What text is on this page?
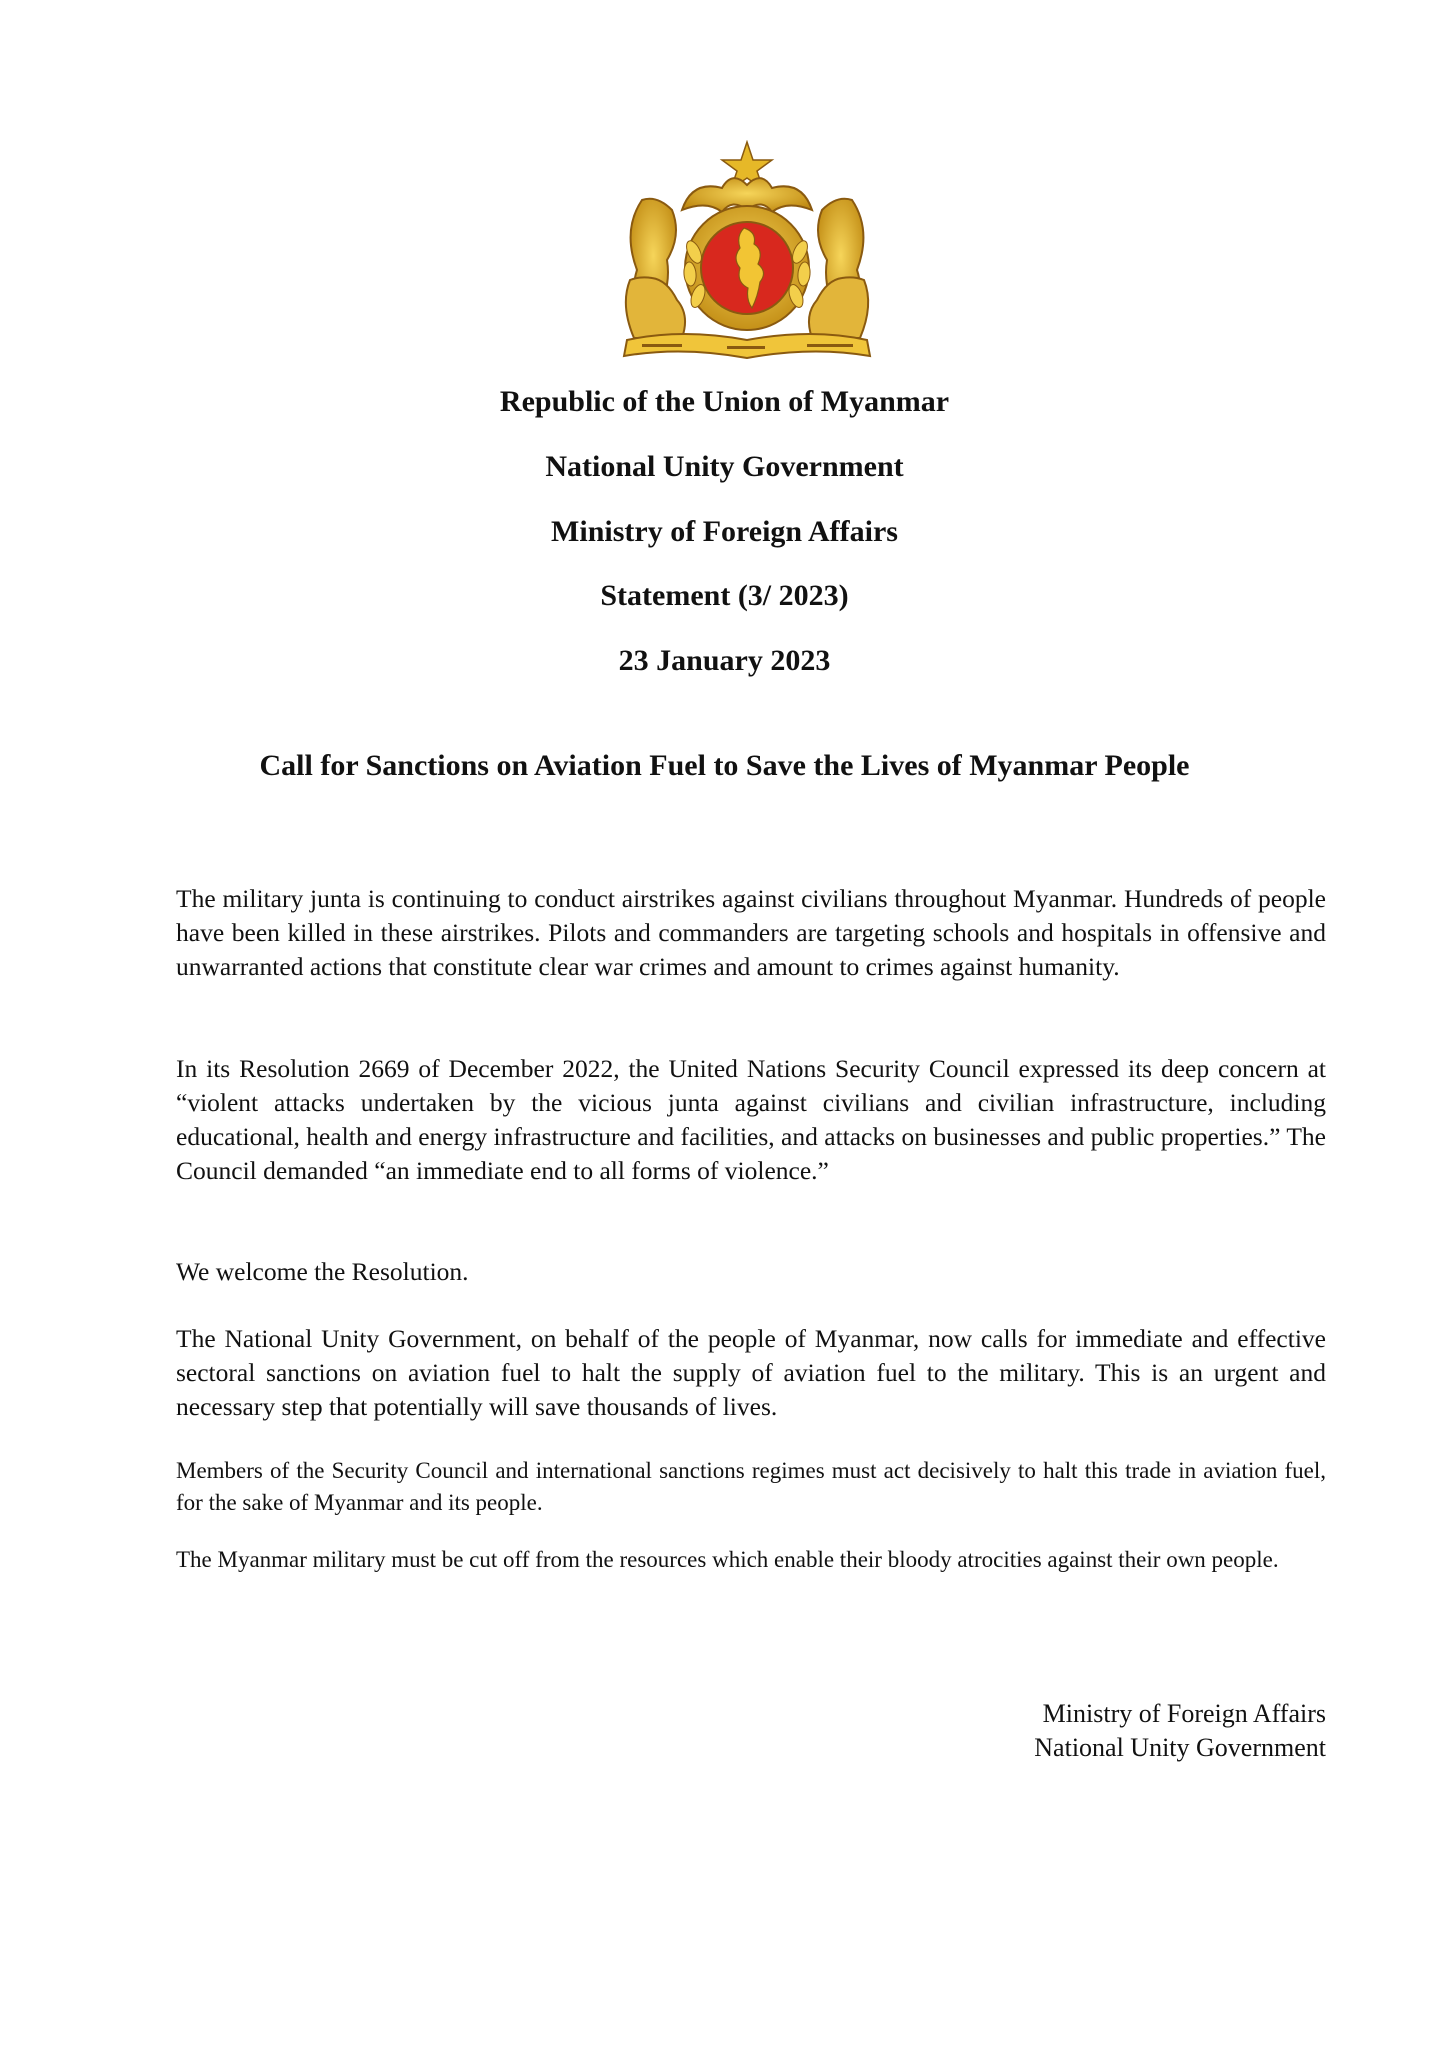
Republic of the Union of Myanmar
National Unity Government
Ministry of Foreign Affairs
Statement (3/ 2023)
23 January 2023
Call for Sanctions on Aviation Fuel to Save the Lives of Myanmar People

The military junta is continuing to conduct airstrikes against civilians throughout Myanmar. Hundreds of people have been killed in these airstrikes. Pilots and commanders are targeting schools and hospitals in offensive and unwarranted actions that constitute clear war crimes and amount to crimes against humanity.

In its Resolution 2669 of December 2022, the United Nations Security Council expressed its deep concern at “violent attacks undertaken by the vicious junta against civilians and civilian infrastructure, including educational, health and energy infrastructure and facilities, and attacks on businesses and public properties.” The Council demanded “an immediate end to all forms of violence.”

We welcome the Resolution.

The National Unity Government, on behalf of the people of Myanmar, now calls for immediate and effective sectoral sanctions on aviation fuel to halt the supply of aviation fuel to the military. This is an urgent and necessary step that potentially will save thousands of lives.

Members of the Security Council and international sanctions regimes must act decisively to halt this trade in aviation fuel, for the sake of Myanmar and its people.

The Myanmar military must be cut off from the resources which enable their bloody atrocities against their own people.

Ministry of Foreign Affairs
National Unity Government
